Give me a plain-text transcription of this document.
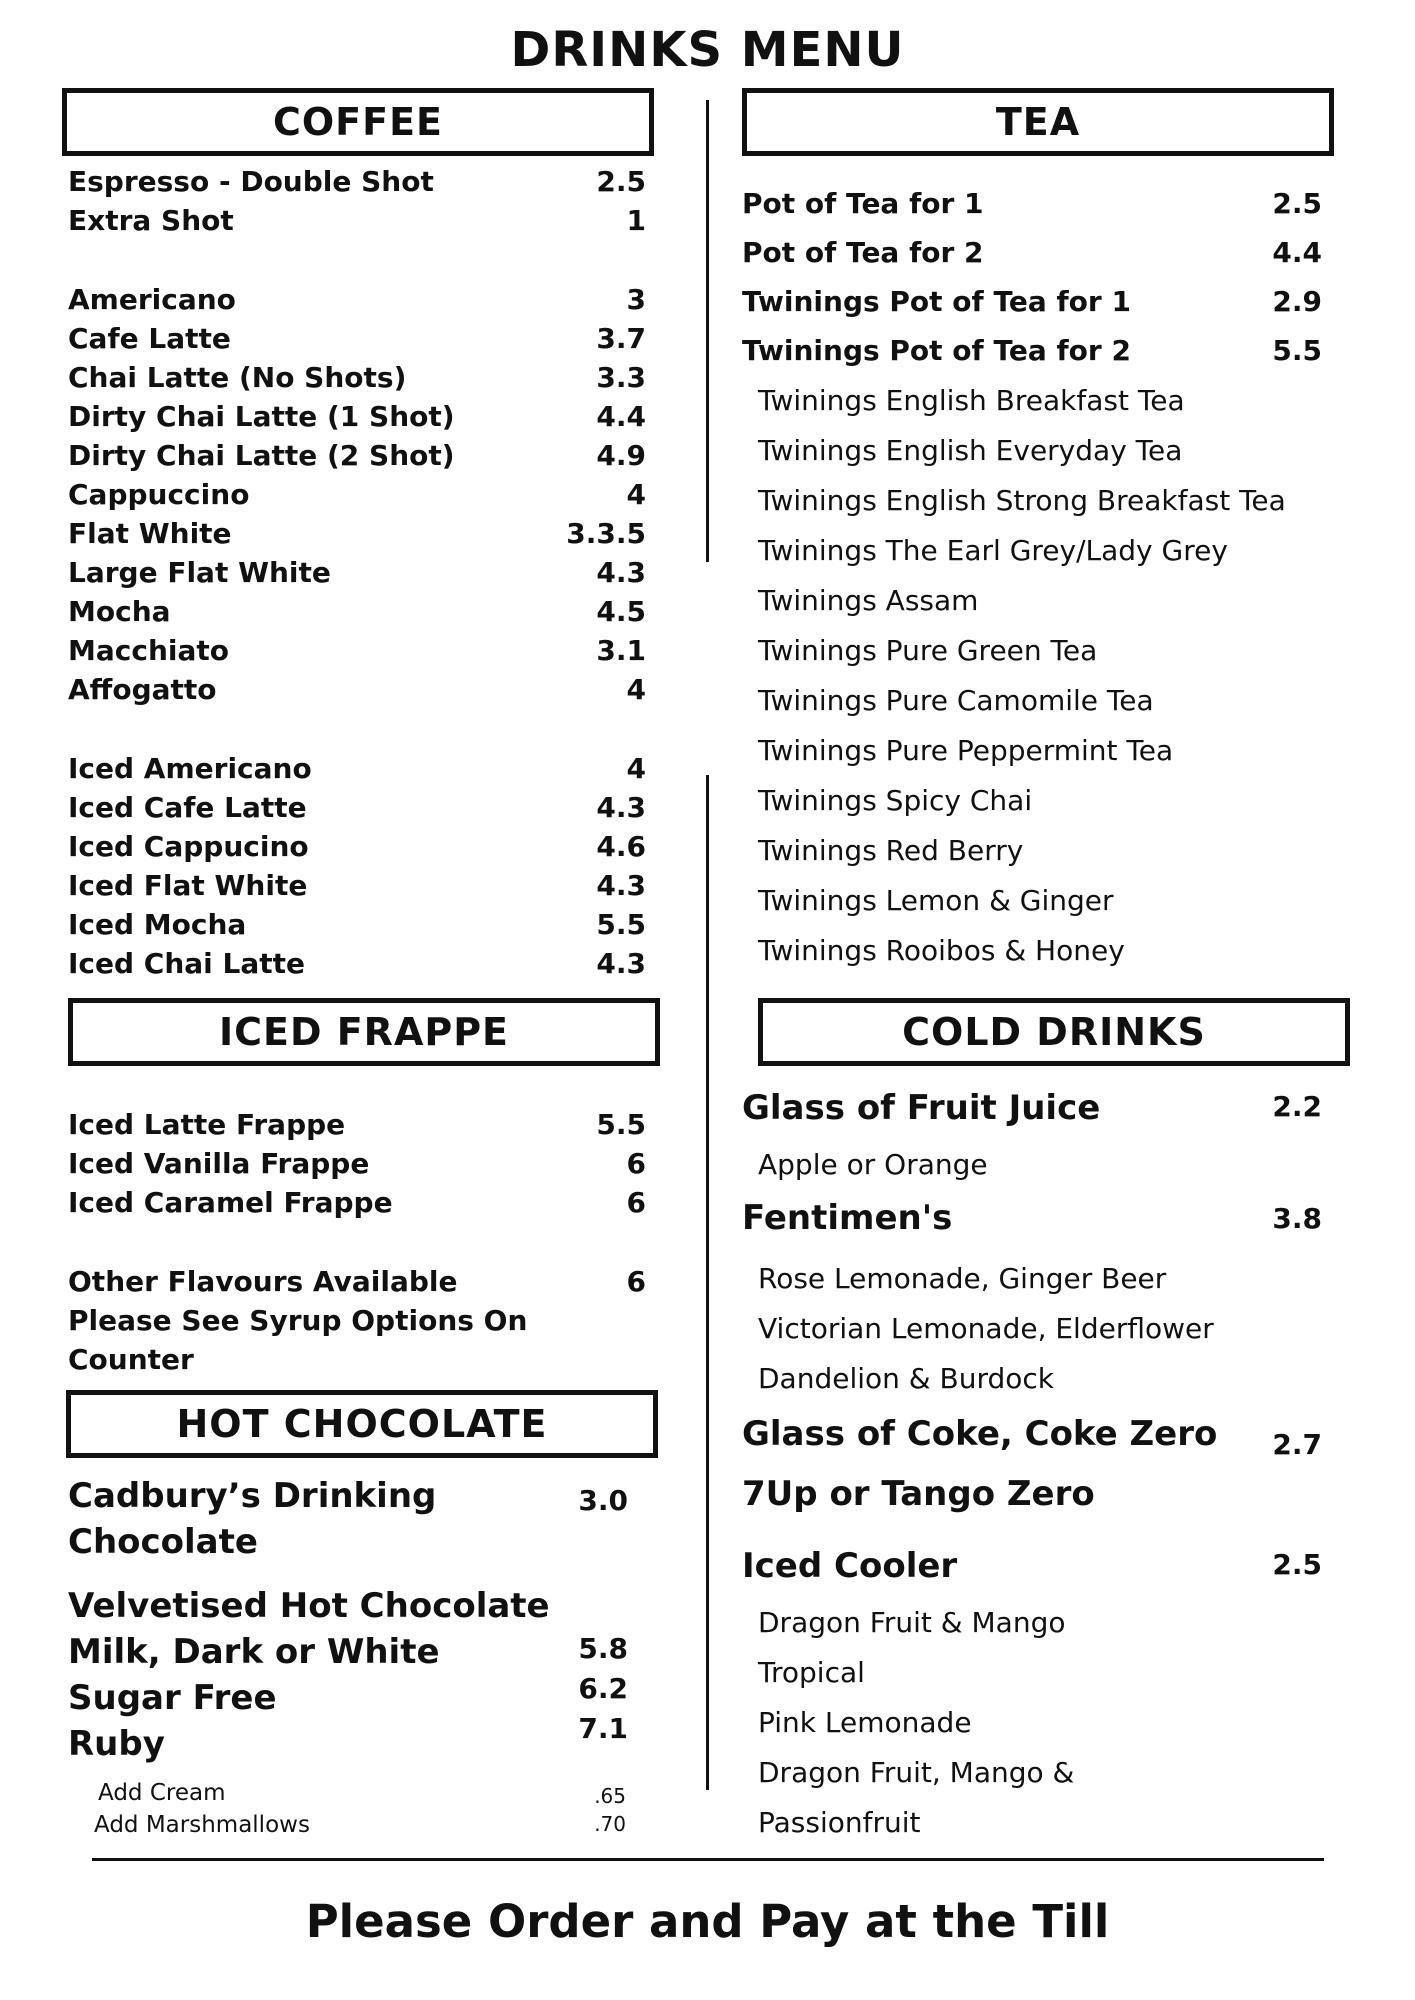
DRINKS MENU
COFFEE
Espresso - Double Shot	2.5
Extra Shot	1
Americano	3
Cafe Latte	3.7
Chai Latte (No Shots)	3.3
Dirty Chai Latte (1 Shot)	4.4
Dirty Chai Latte (2 Shot)	4.9
Cappuccino	4
Flat White	3.3.5
Large Flat White	4.3
Mocha	4.5
Macchiato	3.1
Affogatto	4
Iced Americano	4
Iced Cafe Latte	4.3
Iced Cappucino	4.6
Iced Flat White	4.3
Iced Mocha	5.5
Iced Chai Latte	4.3
ICED FRAPPE
Iced Latte Frappe	5.5
Iced Vanilla Frappe	6
Iced Caramel Frappe	6
Other Flavours Available	6
Please See Syrup Options On
Counter
HOT CHOCOLATE
Cadbury’s Drinking	3.0
Chocolate
Velvetised Hot Chocolate
Milk, Dark or White	5.8
Sugar Free	6.2
Ruby	7.1
Add Cream	.65
Add Marshmallows	.70
TEA
Pot of Tea for 1	2.5
Pot of Tea for 2	4.4
Twinings Pot of Tea for 1	2.9
Twinings Pot of Tea for 2	5.5
Twinings English Breakfast Tea
Twinings English Everyday Tea
Twinings English Strong Breakfast Tea
Twinings The Earl Grey/Lady Grey
Twinings Assam
Twinings Pure Green Tea
Twinings Pure Camomile Tea
Twinings Pure Peppermint Tea
Twinings Spicy Chai
Twinings Red Berry
Twinings Lemon & Ginger
Twinings Rooibos & Honey
COLD DRINKS
Glass of Fruit Juice	2.2
Apple or Orange
Fentimen's	3.8
Rose Lemonade, Ginger Beer
Victorian Lemonade, Elderflower
Dandelion & Burdock
Glass of Coke, Coke Zero 2.7
7Up or Tango Zero
Iced Cooler	2.5
Dragon Fruit & Mango
Tropical
Pink Lemonade
Dragon Fruit, Mango &
Passionfruit
Please Order and Pay at the Till
